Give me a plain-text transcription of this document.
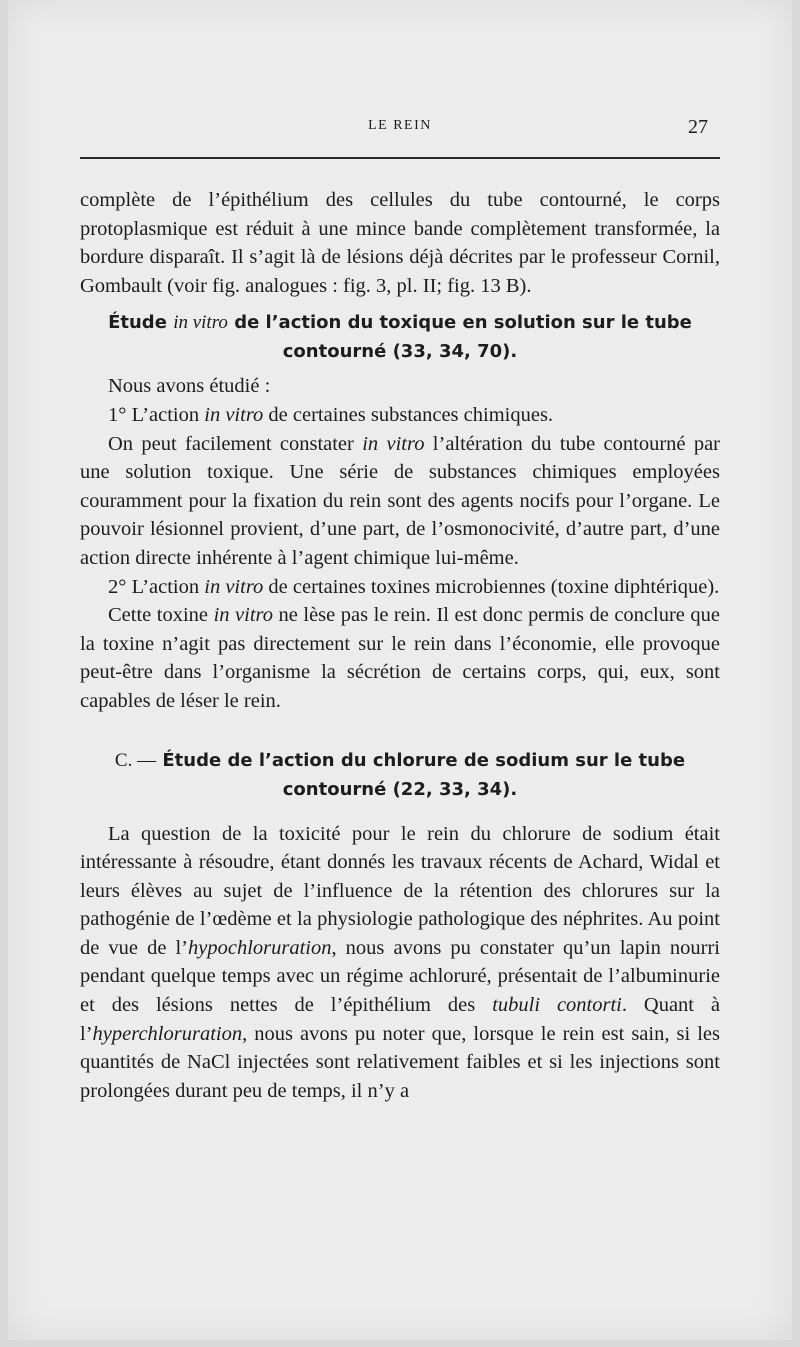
LE REIN	27

complète de l’épithélium des cellules du tube contourné, le corps protoplasmique est réduit à une mince bande complètement transformée, la bordure disparaît. Il s’agit là de lésions déjà décrites par le professeur Cornil, Gombault (voir fig. analogues : fig. 3, pl. II; fig. 13 B).

Étude in vitro de l’action du toxique en solution sur le tube contourné (33, 34, 70).

Nous avons étudié :

1° L’action in vitro de certaines substances chimiques.

On peut facilement constater in vitro l’altération du tube contourné par une solution toxique. Une série de substances chimiques employées couramment pour la fixation du rein sont des agents nocifs pour l’organe. Le pouvoir lésionnel provient, d’une part, de l’osmonocivité, d’autre part, d’une action directe inhérente à l’agent chimique lui-même.

2° L’action in vitro de certaines toxines microbiennes (toxine diphtérique).

Cette toxine in vitro ne lèse pas le rein. Il est donc permis de conclure que la toxine n’agit pas directement sur le rein dans l’économie, elle provoque peut-être dans l’organisme la sécrétion de certains corps, qui, eux, sont capables de léser le rein.

C. — Étude de l’action du chlorure de sodium sur le tube contourné (22, 33, 34).

La question de la toxicité pour le rein du chlorure de sodium était intéressante à résoudre, étant donnés les travaux récents de Achard, Widal et leurs élèves au sujet de l’influence de la rétention des chlorures sur la pathogénie de l’œdème et la physiologie pathologique des néphrites. Au point de vue de l’hypochloruration, nous avons pu constater qu’un lapin nourri pendant quelque temps avec un régime achloruré, présentait de l’albuminurie et des lésions nettes de l’épithélium des tubuli contorti. Quant à l’hyperchloruration, nous avons pu noter que, lorsque le rein est sain, si les quantités de NaCl injectées sont relativement faibles et si les injections sont prolongées durant peu de temps, il n’y a
